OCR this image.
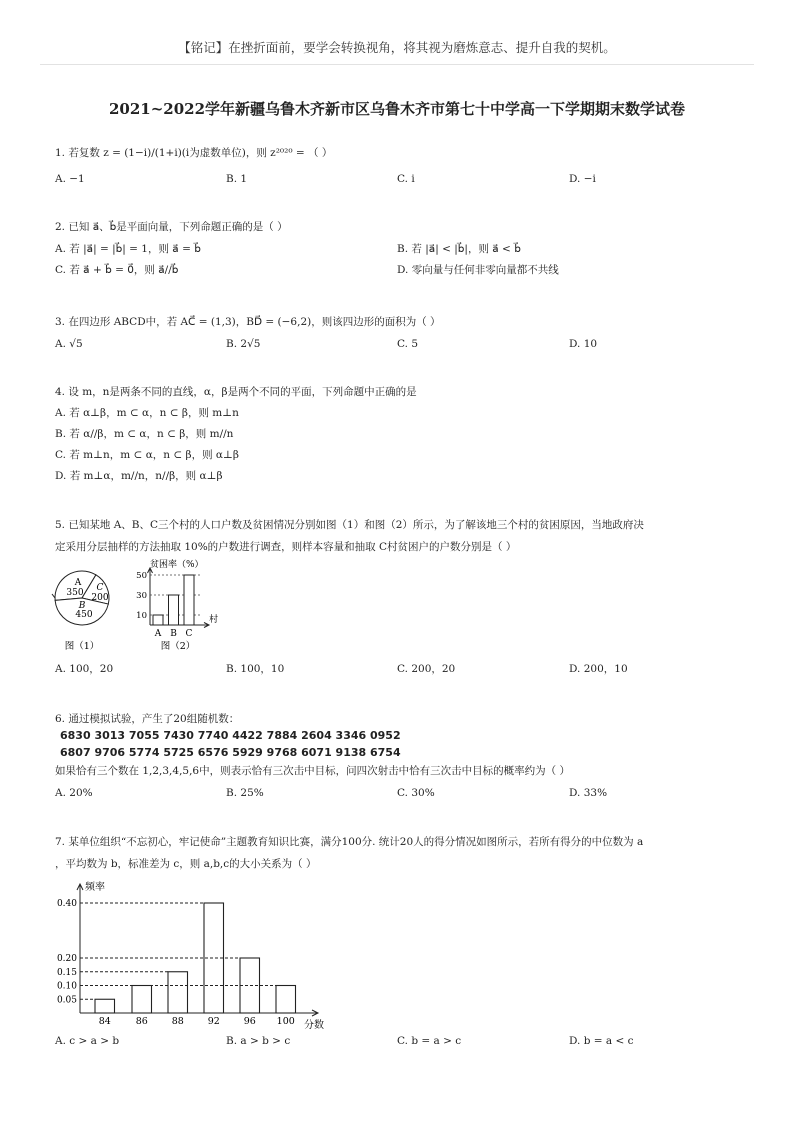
【铭记】在挫折面前，要学会转换视角，将其视为磨炼意志、提升自我的契机。
2021~2022学年新疆乌鲁木齐新市区乌鲁木齐市第七十中学高一下学期期末数学试卷
1. 若复数 z = (1−i)/(1+i)(i为虚数单位)，则 z²⁰²⁰ = （ ）
A. −1	B. 1	C. i	D. −i
2. 已知 a⃗、b⃗是平面向量，下列命题正确的是（ ）
A. 若 |a⃗| = |b⃗| = 1，则 a⃗ = b⃗	B. 若 |a⃗| < |b⃗|，则 a⃗ < b⃗
C. 若 a⃗ + b⃗ = 0⃗，则 a⃗//b⃗	D. 零向量与任何非零向量都不共线
3. 在四边形 ABCD中，若 AC⃗ = (1,3)，BD⃗ = (−6,2)，则该四边形的面积为（ ）
A. √5	B. 2√5	C. 5	D. 10
4. 设 m，n是两条不同的直线，α，β是两个不同的平面，下列命题中正确的是
A. 若 α⊥β，m ⊂ α，n ⊂ β，则 m⊥n
B. 若 α//β，m ⊂ α，n ⊂ β，则 m//n
C. 若 m⊥n，m ⊂ α，n ⊂ β，则 α⊥β
D. 若 m⊥α，m//n，n//β，则 α⊥β
5. 已知某地 A、B、C三个村的人口户数及贫困情况分别如图（1）和图（2）所示，为了解该地三个村的贫困原因，当地政府决
定采用分层抽样的方法抽取 10%的户数进行调查，则样本容量和抽取 C村贫困户的户数分别是（ ）
A
350 C
200
B
450
图（1）
贫困率（%）
10
30
50
A B C
村
图（2）
A. 100，20	B. 100，10	C. 200，20	D. 200，10
6. 通过模拟试验，产生了20组随机数：
6830 3013 7055 7430 7740 4422 7884 2604 3346 0952
6807 9706 5774 5725 6576 5929 9768 6071 9138 6754
如果恰有三个数在 1,2,3,4,5,6中，则表示恰有三次击中目标，问四次射击中恰有三次击中目标的概率约为（ ）
A. 20%	B. 25%	C. 30%	D. 33%
7. 某单位组织“不忘初心，牢记使命”主题教育知识比赛，满分100分. 统计20人的得分情况如图所示，若所有得分的中位数为 a
，平均数为 b，标准差为 c，则 a,b,c的大小关系为（ ）
频率
84	86	88	92	96 100
0.05
0.10
0.15
0.20
0.40
分数
A. c > a > b	B. a > b > c	C. b = a > c	D. b = a < c
